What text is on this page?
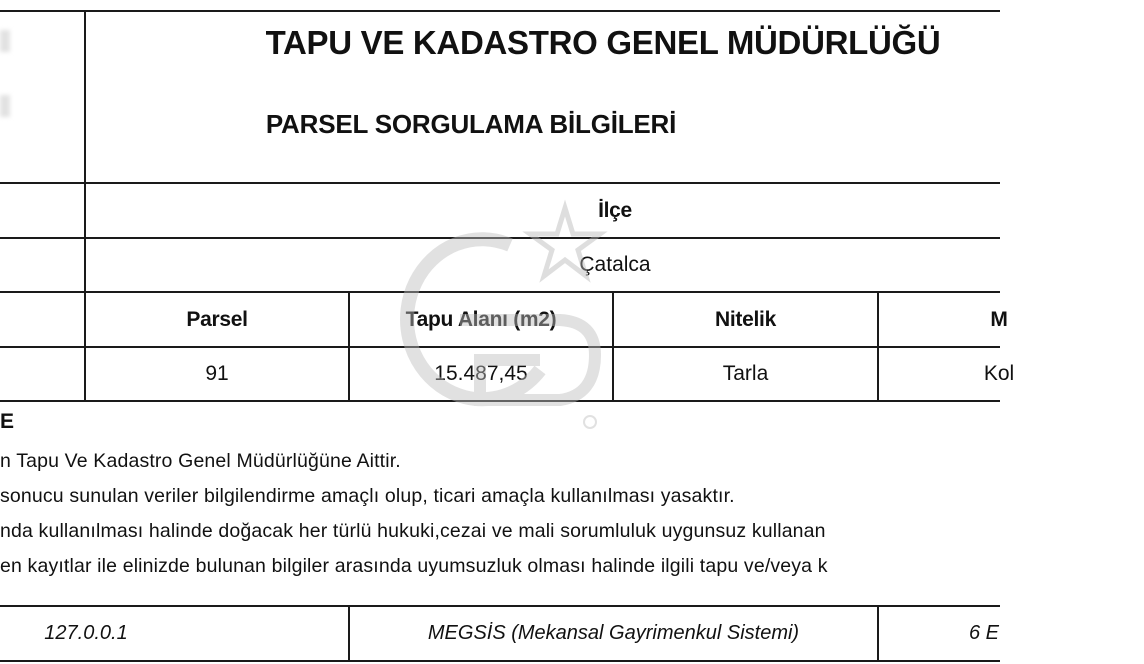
TAPU VE KADASTRO GENEL MÜDÜRLÜĞÜ
PARSEL SORGULAMA BİLGİLERİ
İlçe
Çatalca
Parsel	Tapu Alanı (m2)	Nitelik	M
91	15.487,45	Tarla	Kol
E
n Tapu Ve Kadastro Genel Müdürlüğüne Aittir.
sonucu sunulan veriler bilgilendirme amaçlı olup, ticari amaçla kullanılması yasaktır.
nda kullanılması halinde doğacak her türlü hukuki,cezai ve mali sorumluluk uygunsuz kullanan
en kayıtlar ile elinizde bulunan bilgiler arasında uyumsuzluk olması halinde ilgili tapu ve/veya k
127.0.0.1	MEGSİS (Mekansal Gayrimenkul Sistemi)	6 E
